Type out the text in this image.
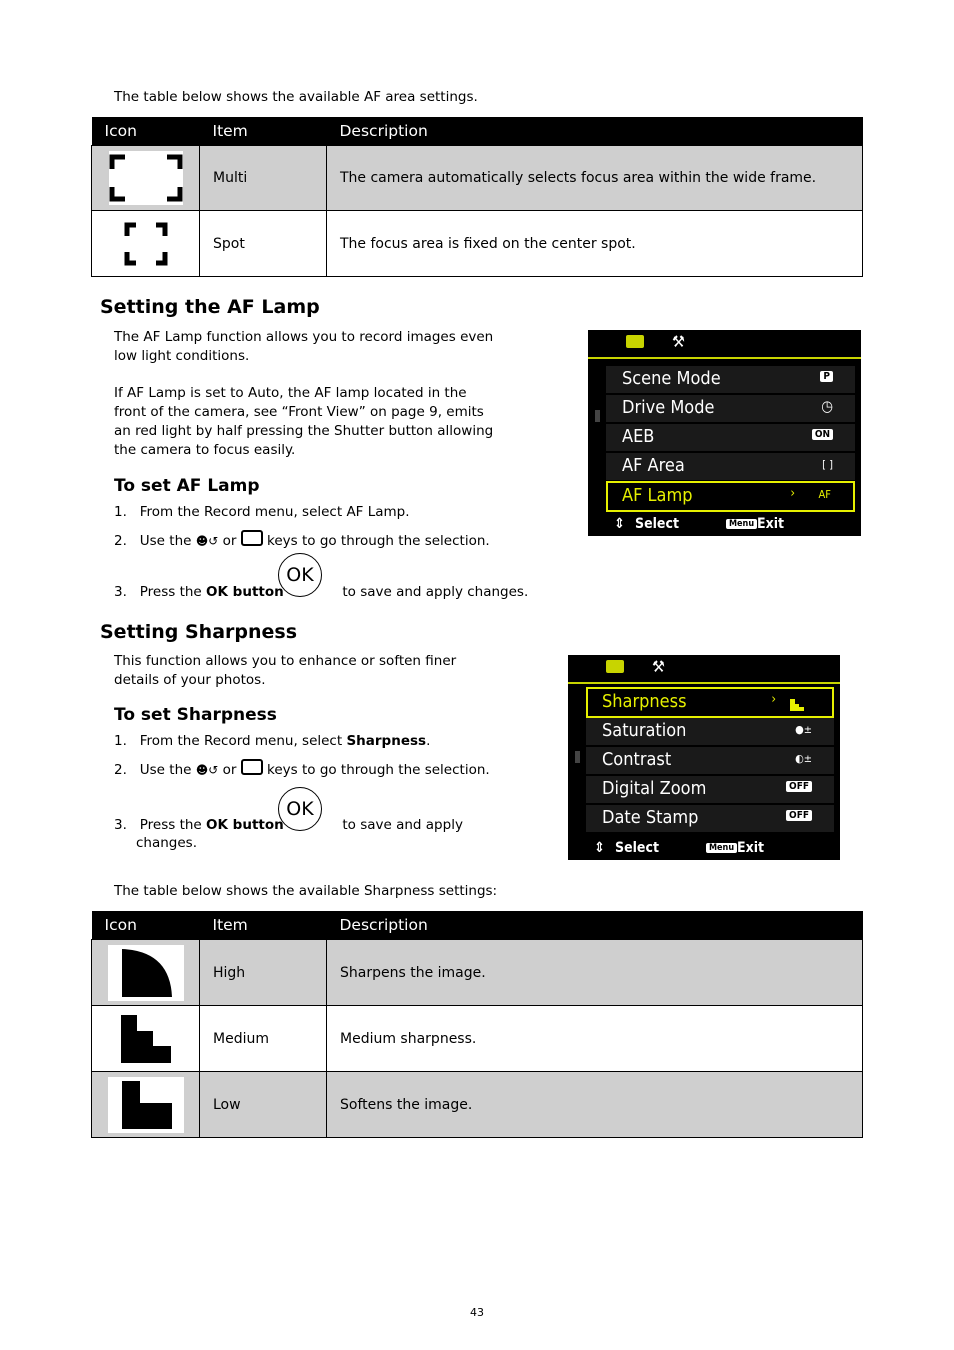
The table below shows the available AF area settings.
Icon	Item	Description
	Multi	The camera automatically selects focus area within the wide frame.
	Spot	The focus area is fixed on the center spot.
Setting the AF Lamp
The AF Lamp function allows you to record images even low light conditions.
If AF Lamp is set to Auto, the AF lamp located in the front of the camera, see “Front View” on page 9, emits an red light by half pressing the Shutter button allowing the camera to focus easily.
To set AF Lamp
1. From the Record menu, select AF Lamp.
2. Use the ☻↺ or keys to go through the selection.
3. Press the OK button	to save and apply changes.
OK
⚒
Scene Mode	P
Drive Mode	◷
AEB	ON
AF Area	[ ]
AF Lamp	› AF
⇕ Select	Menu Exit
Setting Sharpness
This function allows you to enhance or soften finer details of your photos.
To set Sharpness
1. From the Record menu, select Sharpness.
2. Use the ☻↺ or keys to go through the selection.
3. Press the OK button	to save and apply
changes.
OK
⚒
Sharpness	›
Saturation	●±
Contrast	◐±
Digital Zoom	OFF
Date Stamp	OFF
⇕ Select	Menu Exit
The table below shows the available Sharpness settings:
Icon	Item	Description
	High	Sharpens the image.
	Medium	Medium sharpness.
	Low	Softens the image.
43
